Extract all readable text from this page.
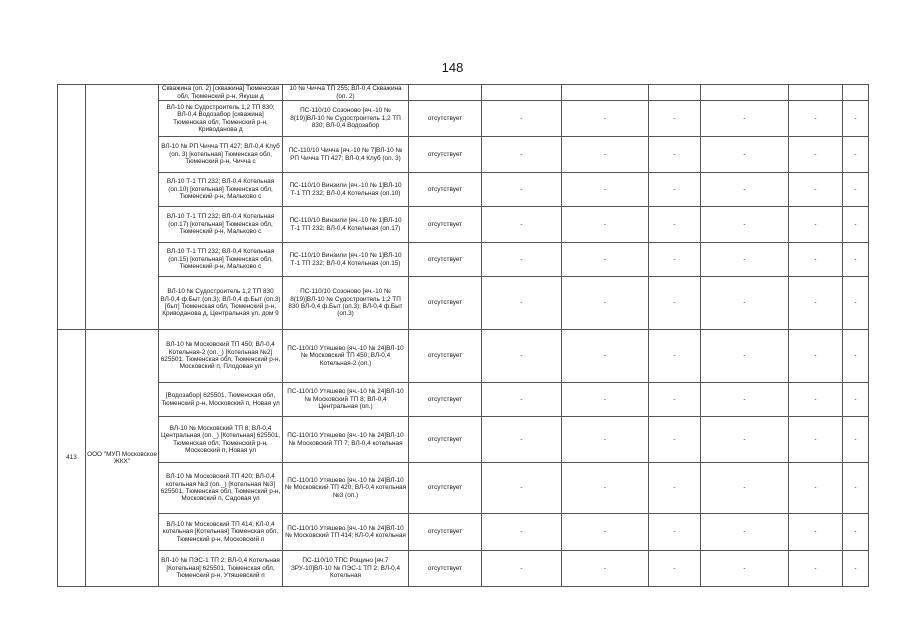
148
		Скважина (оп. 2) [скважина] Тюменская обл, Тюменский р-н, Якуши д	10 № Чичча ТП 255; ВЛ-0,4 Скважина (оп. 2)							
		ВЛ-10 № Судостроитель 1,2 ТП 830; ВЛ-0,4 Водозабор [скважина] Тюменская обл, Тюменский р-н, Криводанова д	ПС-110/10 Созоново [яч.-10 № 8(19)]ВЛ-10 № Судостроитель 1,2 ТП 830; ВЛ-0,4 Водозабор	отсутствует	-	-	-	-	-	-
		ВЛ-10 № РП Чичча ТП 427; ВЛ-0,4 Клуб (оп. 3) [котельная] Тюменская обл, Тюменский р-н, Чичча с	ПС-110/10 Чичча [яч.-10 № 7]ВЛ-10 № РП Чичча ТП 427; ВЛ-0,4 Клуб (оп. 3)	отсутствует	-	-	-	-	-	-
		ВЛ-10 Т-1 ТП 232; ВЛ-0,4 Котельная (оп.10) [котельная] Тюменская обл, Тюменский р-н, Мальково с	ПС-110/10 Винзили [яч.-10 № 1]ВЛ-10 Т-1 ТП 232; ВЛ-0,4 Котельная (оп.10)	отсутствует	-	-	-	-	-	-
		ВЛ-10 Т-1 ТП 232; ВЛ-0,4 Котельная (оп.17) [котельная] Тюменская обл, Тюменский р-н, Мальково с	ПС-110/10 Винзили [яч.-10 № 1]ВЛ-10 Т-1 ТП 232; ВЛ-0,4 Котельная (оп.17)	отсутствует	-	-	-	-	-	-
		ВЛ-10 Т-1 ТП 232; ВЛ-0,4 Котельная (оп.15) [котельная] Тюменская обл, Тюменский р-н, Мальково с	ПС-110/10 Винзили [яч.-10 № 1]ВЛ-10 Т-1 ТП 232; ВЛ-0,4 Котельная (оп.15)	отсутствует	-	-	-	-	-	-
		ВЛ-10 № Судостроитель 1,2 ТП 830 ВЛ-0,4 ф.Быт (оп.3); ВЛ-0,4 ф.Быт (оп.3) [быт] Тюменская обл, Тюменский р-н, Криводанова д, Центральная ул, дом 9	ПС-110/10 Созоново [яч.-10 № 8(19)]ВЛ-10 № Судостроитель 1,2 ТП 830 ВЛ-0,4 ф.Быт (оп.3); ВЛ-0,4 ф.Быт (оп.3)	отсутствует	-	-	-	-	-	-
413	ООО "МУП Московское ЖКХ"	ВЛ-10 № Московский ТП 450; ВЛ-0,4 Котельная-2 (оп._) [Котельная №2] 625501, Тюменская обл, Тюменский р-н, Московский п, Плодовая ул	ПС-110/10 Утяшево [яч.-10 № 24]ВЛ-10 № Московский ТП 450; ВЛ-0,4 Котельная-2 (оп.)	отсутствует	-	-	-	-	-	-
		[Водозабор] 625501, Тюменская обл, Тюменский р-н, Московский п, Новая ул	ПС-110/10 Утяшево [яч.-10 № 24]ВЛ-10 № Московский ТП 8; ВЛ-0,4 Центральная (оп.)	отсутствует	-	-	-	-	-	-
		ВЛ-10 № Московский ТП 8; ВЛ-0,4 Центральная (оп._) [Котельная] 625501, Тюменская обл, Тюменский р-н, Московский п, Новая ул	ПС-110/10 Утяшево [яч.-10 № 24]ВЛ-10 № Московский ТП 7; ВЛ-0,4 котельная	отсутствует	-	-	-	-	-	-
		ВЛ-10 № Московский ТП 420; ВЛ-0,4 котельная №3 (оп._) [Котельная №3] 625501, Тюменская обл, Тюменский р-н, Московский п, Садовая ул	ПС-110/10 Утяшево [яч.-10 № 24]ВЛ-10 № Московский ТП 420; ВЛ-0,4 котельная №3 (оп.)	отсутствует	-	-	-	-	-	-
		ВЛ-10 № Московский ТП 414; КЛ-0,4 котельная [Котельная] Тюменская обл, Тюменский р-н, Московский п	ПС-110/10 Утяшево [яч.-10 № 24]ВЛ-10 № Московский ТП 414; КЛ-0,4 котельная	отсутствует	-	-	-	-	-	-
		ВЛ-10 № ПЭС-1 ТП 2; ВЛ-0,4 Котельная [Котельная] 625501, Тюменская обл, Тюменский р-н, Утяшевский п	ПС-110/10 ТПС Рощино [яч.7 ЗРУ-10]ВЛ-10 № ПЭС-1 ТП 2; ВЛ-0,4 Котельная	отсутствует	-	-	-	-	-	-
